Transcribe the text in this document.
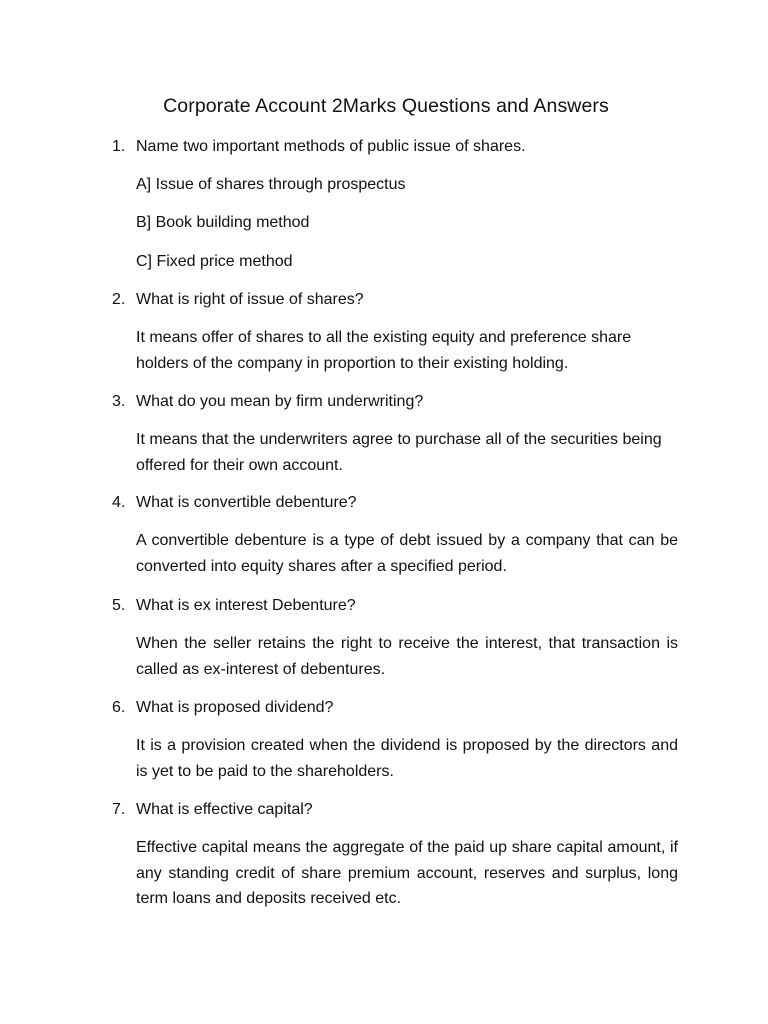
Corporate Account 2Marks Questions and Answers
1. Name two important methods of public issue of shares.
A] Issue of shares through prospectus
B] Book building method
C] Fixed price method
2. What is right of issue of shares?
It means offer of shares to all the existing equity and preference share holders of the company in proportion to their existing holding.
3. What do you mean by firm underwriting?
It means that the underwriters agree to purchase all of the securities being offered for their own account.
4. What is convertible debenture?
A convertible debenture is a type of debt issued by a company that can be converted into equity shares after a specified period.
5. What is ex interest Debenture?
When the seller retains the right to receive the interest, that transaction is called as ex-interest of debentures.
6. What is proposed dividend?
It is a provision created when the dividend is proposed by the directors and is yet to be paid to the shareholders.
7. What is effective capital?
Effective capital means the aggregate of the paid up share capital amount, if any standing credit of share premium account, reserves and surplus, long term loans and deposits received etc.
